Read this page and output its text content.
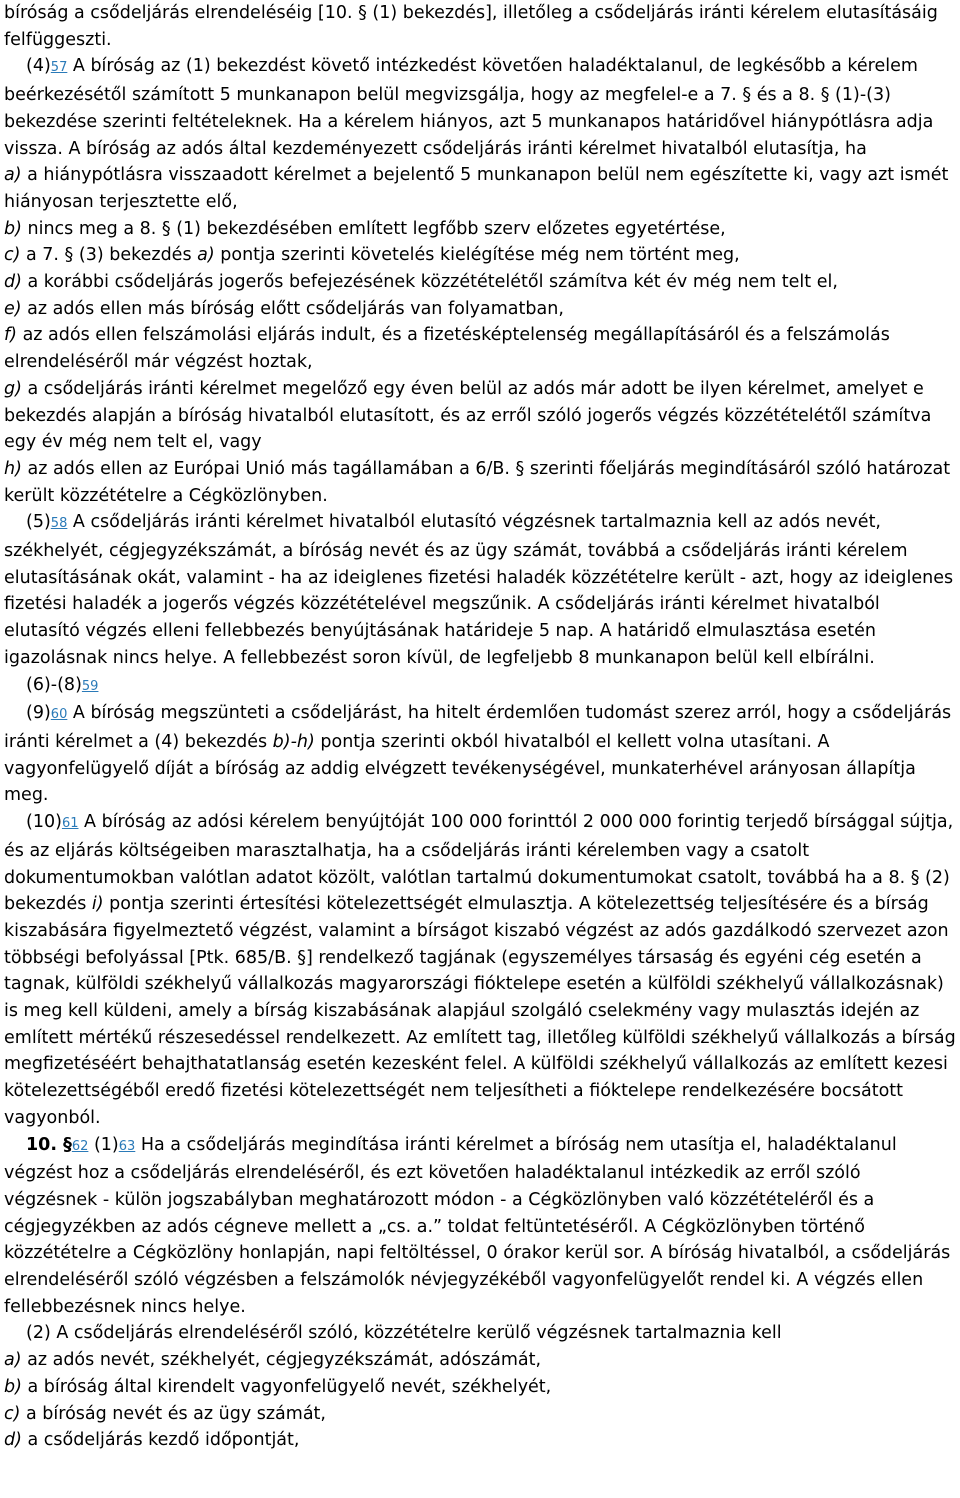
bíróság a csődeljárás elrendeléséig [10. § (1) bekezdés], illetőleg a csődeljárás iránti kérelem elutasításáig felfüggeszti.

(4)57 A bíróság az (1) bekezdést követő intézkedést követően haladéktalanul, de legkésőbb a kérelem beérkezésétől számított 5 munkanapon belül megvizsgálja, hogy az megfelel-e a 7. § és a 8. § (1)-(3) bekezdése szerinti feltételeknek. Ha a kérelem hiányos, azt 5 munkanapos határidővel hiánypótlásra adja vissza. A bíróság az adós által kezdeményezett csődeljárás iránti kérelmet hivatalból elutasítja, ha

a) a hiánypótlásra visszaadott kérelmet a bejelentő 5 munkanapon belül nem egészítette ki, vagy azt ismét hiányosan terjesztette elő,

b) nincs meg a 8. § (1) bekezdésében említett legfőbb szerv előzetes egyetértése,

c) a 7. § (3) bekezdés a) pontja szerinti követelés kielégítése még nem történt meg,

d) a korábbi csődeljárás jogerős befejezésének közzétételétől számítva két év még nem telt el,

e) az adós ellen más bíróság előtt csődeljárás van folyamatban,

f) az adós ellen felszámolási eljárás indult, és a fizetésképtelenség megállapításáról és a felszámolás elrendeléséről már végzést hoztak,

g) a csődeljárás iránti kérelmet megelőző egy éven belül az adós már adott be ilyen kérelmet, amelyet e bekezdés alapján a bíróság hivatalból elutasított, és az erről szóló jogerős végzés közzétételétől számítva egy év még nem telt el, vagy

h) az adós ellen az Európai Unió más tagállamában a 6/B. § szerinti főeljárás megindításáról szóló határozat került közzétételre a Cégközlönyben.

(5)58 A csődeljárás iránti kérelmet hivatalból elutasító végzésnek tartalmaznia kell az adós nevét, székhelyét, cégjegyzékszámát, a bíróság nevét és az ügy számát, továbbá a csődeljárás iránti kérelem elutasításának okát, valamint - ha az ideiglenes fizetési haladék közzétételre került - azt, hogy az ideiglenes fizetési haladék a jogerős végzés közzétételével megszűnik. A csődeljárás iránti kérelmet hivatalból elutasító végzés elleni fellebbezés benyújtásának határideje 5 nap. A határidő elmulasztása esetén igazolásnak nincs helye. A fellebbezést soron kívül, de legfeljebb 8 munkanapon belül kell elbírálni.

(6)-(8)59

(9)60 A bíróság megszünteti a csődeljárást, ha hitelt érdemlően tudomást szerez arról, hogy a csődeljárás iránti kérelmet a (4) bekezdés b)-h) pontja szerinti okból hivatalból el kellett volna utasítani. A vagyonfelügyelő díját a bíróság az addig elvégzett tevékenységével, munkaterhével arányosan állapítja meg.

(10)61 A bíróság az adósi kérelem benyújtóját 100 000 forinttól 2 000 000 forintig terjedő bírsággal sújtja, és az eljárás költségeiben marasztalhatja, ha a csődeljárás iránti kérelemben vagy a csatolt dokumentumokban valótlan adatot közölt, valótlan tartalmú dokumentumokat csatolt, továbbá ha a 8. § (2) bekezdés i) pontja szerinti értesítési kötelezettségét elmulasztja. A kötelezettség teljesítésére és a bírság kiszabására figyelmeztető végzést, valamint a bírságot kiszabó végzést az adós gazdálkodó szervezet azon többségi befolyással [Ptk. 685/B. §] rendelkező tagjának (egyszemélyes társaság és egyéni cég esetén a tagnak, külföldi székhelyű vállalkozás magyarországi fióktelepe esetén a külföldi székhelyű vállalkozásnak) is meg kell küldeni, amely a bírság kiszabásának alapjául szolgáló cselekmény vagy mulasztás idején az említett mértékű részesedéssel rendelkezett. Az említett tag, illetőleg külföldi székhelyű vállalkozás a bírság megfizetéséért behajthatatlanság esetén kezesként felel. A külföldi székhelyű vállalkozás az említett kezesi kötelezettségéből eredő fizetési kötelezettségét nem teljesítheti a fióktelepe rendelkezésére bocsátott vagyonból.

10. §62 (1)63 Ha a csődeljárás megindítása iránti kérelmet a bíróság nem utasítja el, haladéktalanul végzést hoz a csődeljárás elrendeléséről, és ezt követően haladéktalanul intézkedik az erről szóló végzésnek - külön jogszabályban meghatározott módon - a Cégközlönyben való közzétételéről és a cégjegyzékben az adós cégneve mellett a „cs. a.” toldat feltüntetéséről. A Cégközlönyben történő közzétételre a Cégközlöny honlapján, napi feltöltéssel, 0 órakor kerül sor. A bíróság hivatalból, a csődeljárás elrendeléséről szóló végzésben a felszámolók névjegyzékéből vagyonfelügyelőt rendel ki. A végzés ellen fellebbezésnek nincs helye.

(2) A csődeljárás elrendeléséről szóló, közzétételre kerülő végzésnek tartalmaznia kell

a) az adós nevét, székhelyét, cégjegyzékszámát, adószámát,

b) a bíróság által kirendelt vagyonfelügyelő nevét, székhelyét,

c) a bíróság nevét és az ügy számát,

d) a csődeljárás kezdő időpontját,
